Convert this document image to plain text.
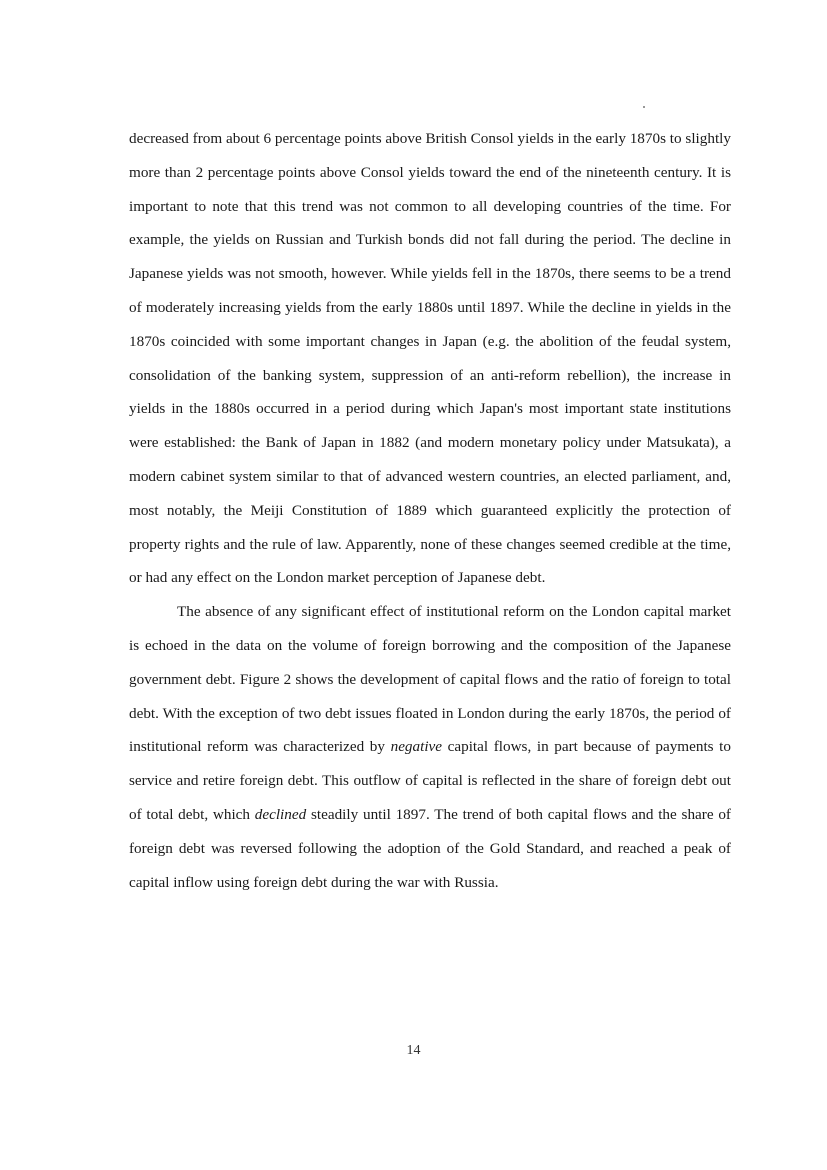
decreased from about 6 percentage points above British Consol yields in the early 1870s to slightly more than 2 percentage points above Consol yields toward the end of the nineteenth century. It is important to note that this trend was not common to all developing countries of the time. For example, the yields on Russian and Turkish bonds did not fall during the period. The decline in Japanese yields was not smooth, however. While yields fell in the 1870s, there seems to be a trend of moderately increasing yields from the early 1880s until 1897. While the decline in yields in the 1870s coincided with some important changes in Japan (e.g. the abolition of the feudal system, consolidation of the banking system, suppression of an anti-reform rebellion), the increase in yields in the 1880s occurred in a period during which Japan's most important state institutions were established: the Bank of Japan in 1882 (and modern monetary policy under Matsukata), a modern cabinet system similar to that of advanced western countries, an elected parliament, and, most notably, the Meiji Constitution of 1889 which guaranteed explicitly the protection of property rights and the rule of law. Apparently, none of these changes seemed credible at the time, or had any effect on the London market perception of Japanese debt.

The absence of any significant effect of institutional reform on the London capital market is echoed in the data on the volume of foreign borrowing and the composition of the Japanese government debt. Figure 2 shows the development of capital flows and the ratio of foreign to total debt. With the exception of two debt issues floated in London during the early 1870s, the period of institutional reform was characterized by negative capital flows, in part because of payments to service and retire foreign debt. This outflow of capital is reflected in the share of foreign debt out of total debt, which declined steadily until 1897. The trend of both capital flows and the share of foreign debt was reversed following the adoption of the Gold Standard, and reached a peak of capital inflow using foreign debt during the war with Russia.

14
